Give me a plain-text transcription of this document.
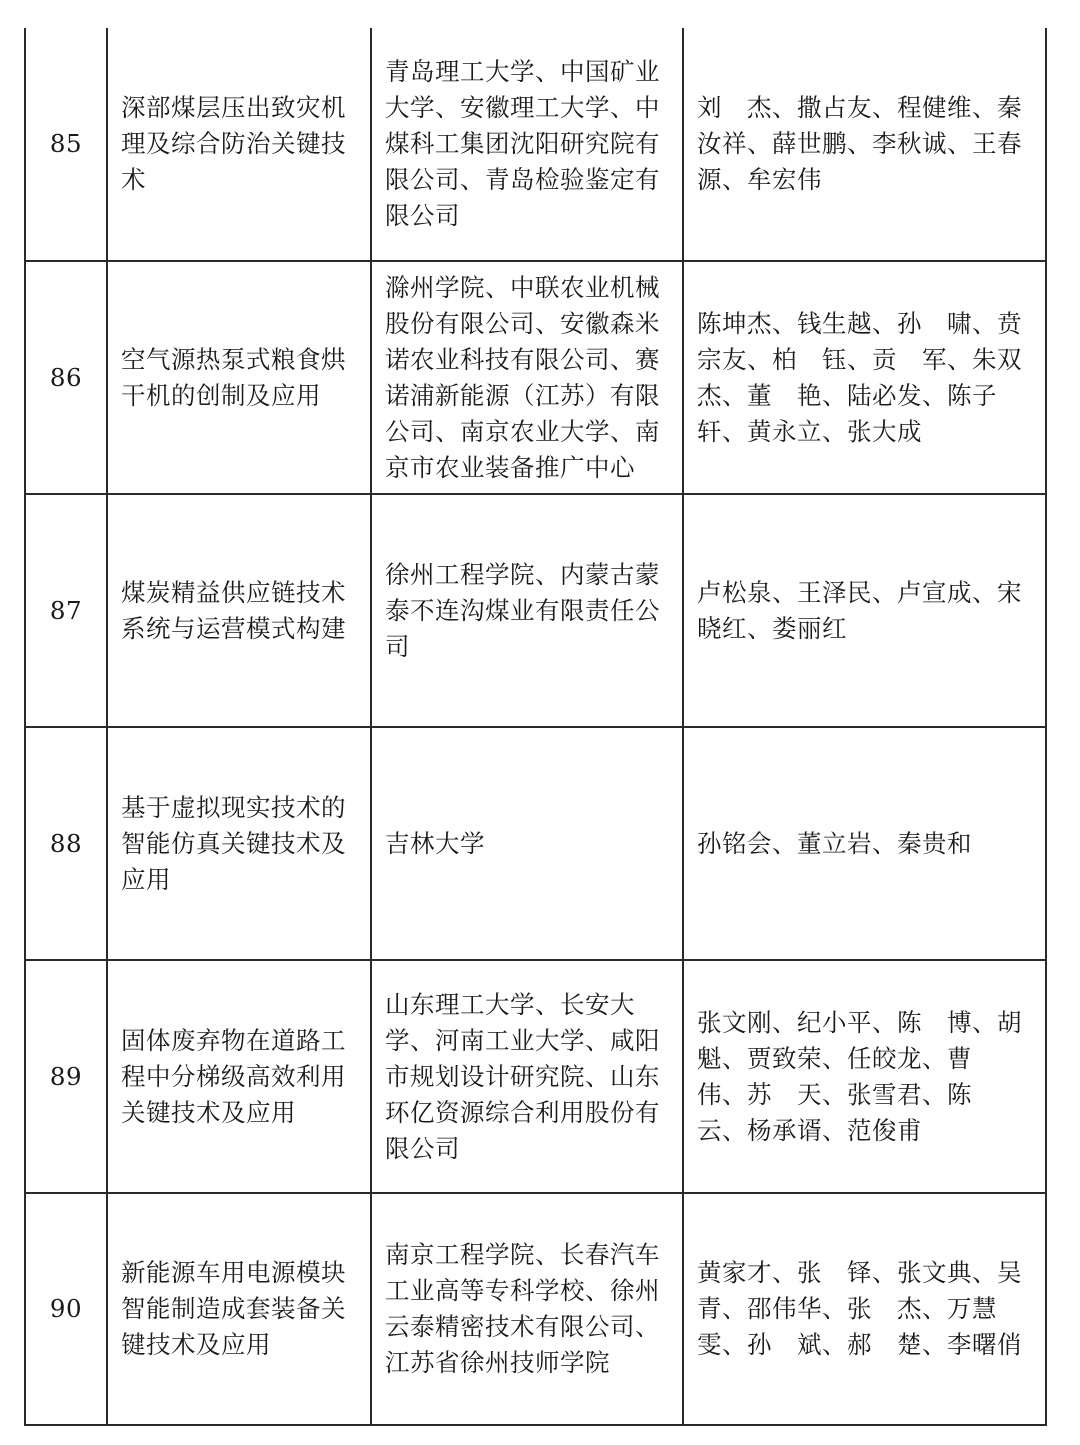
85	深部煤层压出致灾机理及综合防治关键技术	青岛理工大学、中国矿业大学、安徽理工大学、中煤科工集团沈阳研究院有限公司、青岛检验鉴定有限公司	刘　杰、撒占友、程健维、秦汝祥、薛世鹏、李秋诚、王春源、牟宏伟
86	空气源热泵式粮食烘干机的创制及应用	滁州学院、中联农业机械股份有限公司、安徽森米诺农业科技有限公司、赛诺浦新能源（江苏）有限公司、南京农业大学、南京市农业装备推广中心	陈坤杰、钱生越、孙　啸、贲宗友、柏　钰、贡　军、朱双杰、董　艳、陆必发、陈子轩、黄永立、张大成
87	煤炭精益供应链技术系统与运营模式构建	徐州工程学院、内蒙古蒙泰不连沟煤业有限责任公司	卢松泉、王泽民、卢宣成、宋晓红、娄丽红
88	基于虚拟现实技术的智能仿真关键技术及应用	吉林大学	孙铭会、董立岩、秦贵和
89	固体废弃物在道路工程中分梯级高效利用关键技术及应用	山东理工大学、长安大学、河南工业大学、咸阳市规划设计研究院、山东环亿资源综合利用股份有限公司	张文刚、纪小平、陈　博、胡魁、贾致荣、任皎龙、曹　伟、苏　天、张雪君、陈　云、杨承谞、范俊甫
90	新能源车用电源模块智能制造成套装备关键技术及应用	南京工程学院、长春汽车工业高等专科学校、徐州云泰精密技术有限公司、江苏省徐州技师学院	黄家才、张　铎、张文典、吴　青、邵伟华、张　杰、万慧雯、孙　斌、郝　楚、李曙俏
